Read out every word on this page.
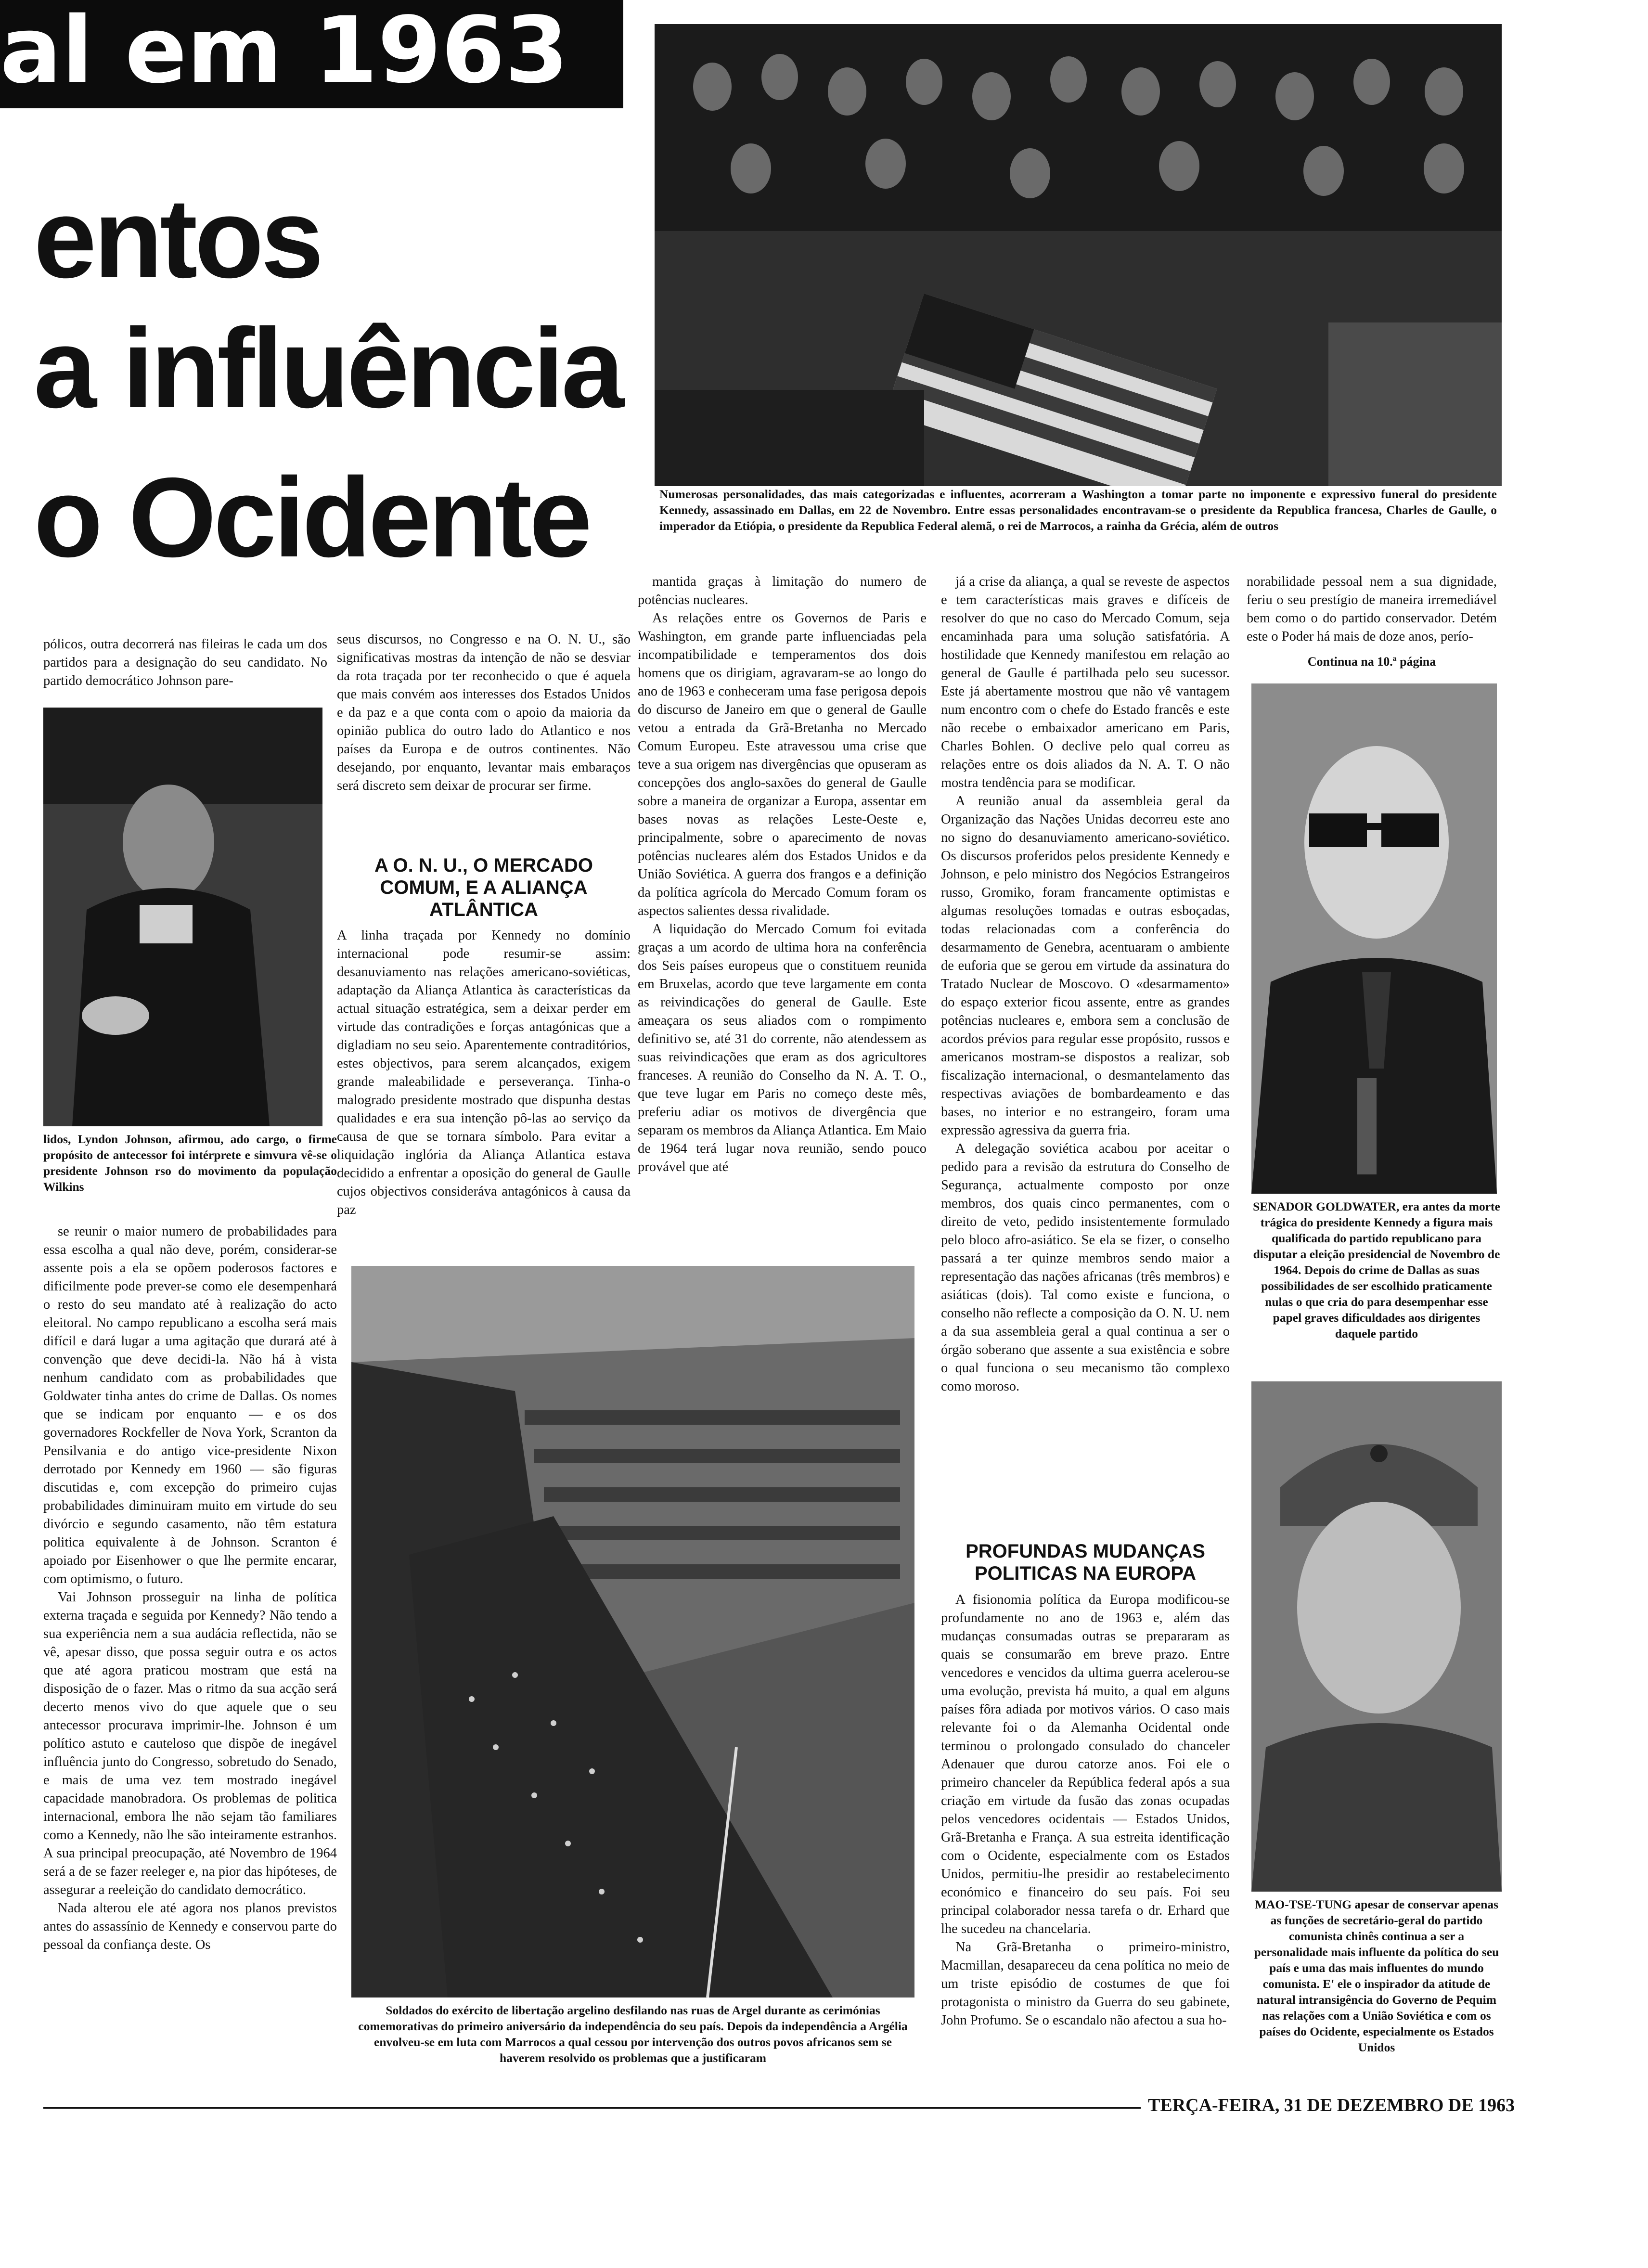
al em 1963
entos
a influência
o Ocidente	Numerosas personalidades, das mais categorizadas e influentes, acorreram a Washington a tomar parte no imponente e expressivo funeral do presidente Kennedy, assassinado em Dallas, em 22 de Novembro. Entre essas personalidades encontravam-se o presidente da Republica francesa, Charles de Gaulle, o imperador da Etiópia, o presidente da Republica Federal alemã, o rei de Marrocos, a rainha da Grécia, além de outros
pólicos, outra decorrerá nas fileiras le cada um dos partidos para a designação do seu candidato. No partido democrático Johnson pare-
lidos, Lyndon Johnson, afirmou, ado cargo, o firme propósito de antecessor foi intérprete e simvura vê-se o presidente Johnson rso do movimento da população Wilkins

se reunir o maior numero de probabilidades para essa escolha a qual não deve, porém, considerar-se assente pois a ela se opõem poderosos factores e dificilmente pode prever-se como ele desempenhará o resto do seu mandato até à realização do acto eleitoral. No campo republicano a escolha será mais difícil e dará lugar a uma agitação que durará até à convenção que deve decidi-la. Não há à vista nenhum candidato com as probabilidades que Goldwater tinha antes do crime de Dallas. Os nomes que se indicam por enquanto — e os dos governadores Rockfeller de Nova York, Scranton da Pensilvania e do antigo vice-presidente Nixon derrotado por Kennedy em 1960 — são figuras discutidas e, com excepção do primeiro cujas probabilidades diminuiram muito em virtude do seu divórcio e segundo casamento, não têm estatura politica equivalente à de Johnson. Scranton é apoiado por Eisenhower o que lhe permite encarar, com optimismo, o futuro.

Vai Johnson prosseguir na linha de política externa traçada e seguida por Kennedy? Não tendo a sua experiência nem a sua audácia reflectida, não se vê, apesar disso, que possa seguir outra e os actos que até agora praticou mostram que está na disposição de o fazer. Mas o ritmo da sua acção será decerto menos vivo do que aquele que o seu antecessor procurava imprimir-lhe. Johnson é um político astuto e cauteloso que dispõe de inegável influência junto do Congresso, sobretudo do Senado, e mais de uma vez tem mostrado inegável capacidade manobradora. Os problemas de politica internacional, embora lhe não sejam tão familiares como a Kennedy, não lhe são inteiramente estranhos. A sua principal preocupação, até Novembro de 1964 será a de se fazer reeleger e, na pior das hipóteses, de assegurar a reeleição do candidato democrático.

Nada alterou ele até agora nos planos previstos antes do assassínio de Kennedy e conservou parte do pessoal da confiança deste. Os

seus discursos, no Congresso e na O. N. U., são significativas mostras da intenção de não se desviar da rota traçada por ter reconhecido o que é aquela que mais convém aos interesses dos Estados Unidos e da paz e a que conta com o apoio da maioria da opinião publica do outro lado do Atlantico e nos países da Europa e de outros continentes. Não desejando, por enquanto, levantar mais embaraços será discreto sem deixar de procurar ser firme.
A O. N. U., O MERCADO COMUM, E A ALIANÇA ATLÂNTICA
A linha traçada por Kennedy no domínio internacional pode resumir-se assim: desanuviamento nas relações americano-soviéticas, adaptação da Aliança Atlantica às características da actual situação estratégica, sem a deixar perder em virtude das contradições e forças antagónicas que a digladiam no seu seio. Aparentemente contraditórios, estes objectivos, para serem alcançados, exigem grande maleabilidade e perseverança. Tinha-o malogrado presidente mostrado que dispunha destas qualidades e era sua intenção pô-las ao serviço da causa de que se tornara símbolo. Para evitar a liquidação inglória da Aliança Atlantica estava decidido a enfrentar a oposição do general de Gaulle cujos objectivos consideráva antagónicos à causa da paz

mantida graças à limitação do numero de potências nucleares.

As relações entre os Governos de Paris e Washington, em grande parte influenciadas pela incompatibilidade e temperamentos dos dois homens que os dirigiam, agravaram-se ao longo do ano de 1963 e conheceram uma fase perigosa depois do discurso de Janeiro em que o general de Gaulle vetou a entrada da Grã-Bretanha no Mercado Comum Europeu. Este atravessou uma crise que teve a sua origem nas divergências que opuseram as concepções dos anglo-saxões do general de Gaulle sobre a maneira de organizar a Europa, assentar em bases novas as relações Leste-Oeste e, principalmente, sobre o aparecimento de novas potências nucleares além dos Estados Unidos e da União Soviética. A guerra dos frangos e a definição da política agrícola do Mercado Comum foram os aspectos salientes dessa rivalidade.

A liquidação do Mercado Comum foi evitada graças a um acordo de ultima hora na conferência dos Seis países europeus que o constituem reunida em Bruxelas, acordo que teve largamente em conta as reivindicações do general de Gaulle. Este ameaçara os seus aliados com o rompimento definitivo se, até 31 do corrente, não atendessem as suas reivindicações que eram as dos agricultores franceses. A reunião do Conselho da N. A. T. O., que teve lugar em Paris no começo deste mês, preferiu adiar os motivos de divergência que separam os membros da Aliança Atlantica. Em Maio de 1964 terá lugar nova reunião, sendo pouco provável que até

Soldados do exército de libertação argelino desfilando nas ruas de Argel durante as cerimónias comemorativas do primeiro aniversário da independência do seu país. Depois da independência a Argélia envolveu-se em luta com Marrocos a qual cessou por intervenção dos outros povos africanos sem se haverem resolvido os problemas que a justificaram

já a crise da aliança, a qual se reveste de aspectos e tem características mais graves e difíceis de resolver do que no caso do Mercado Comum, seja encaminhada para uma solução satisfatória. A hostilidade que Kennedy manifestou em relação ao general de Gaulle é partilhada pelo seu sucessor. Este já abertamente mostrou que não vê vantagem num encontro com o chefe do Estado francês e este não recebe o embaixador americano em Paris, Charles Bohlen. O declive pelo qual correu as relações entre os dois aliados da N. A. T. O não mostra tendência para se modificar.

A reunião anual da assembleia geral da Organização das Nações Unidas decorreu este ano no signo do desanuviamento americano-soviético. Os discursos proferidos pelos presidente Kennedy e Johnson, e pelo ministro dos Negócios Estrangeiros russo, Gromiko, foram francamente optimistas e algumas resoluções tomadas e outras esboçadas, todas relacionadas com a conferência do desarmamento de Genebra, acentuaram o ambiente de euforia que se gerou em virtude da assinatura do Tratado Nuclear de Moscovo. O «desarmamento» do espaço exterior ficou assente, entre as grandes potências nucleares e, embora sem a conclusão de acordos prévios para regular esse propósito, russos e americanos mostram-se dispostos a realizar, sob fiscalização internacional, o desmantelamento das respectivas aviações de bombardeamento e das bases, no interior e no estrangeiro, foram uma expressão agressiva da guerra fria.

A delegação soviética acabou por aceitar o pedido para a revisão da estrutura do Conselho de Segurança, actualmente composto por onze membros, dos quais cinco permanentes, com o direito de veto, pedido insistentemente formulado pelo bloco afro-asiático. Se ela se fizer, o conselho passará a ter quinze membros sendo maior a representação das nações africanas (três membros) e asiáticas (dois). Tal como existe e funciona, o conselho não reflecte a composição da O. N. U. nem a da sua assembleia geral a qual continua a ser o órgão soberano que assente a sua existência e sobre o qual funciona o seu mecanismo tão complexo como moroso.

PROFUNDAS MUDANÇAS POLITICAS NA EUROPA

A fisionomia política da Europa modificou-se profundamente no ano de 1963 e, além das mudanças consumadas outras se prepararam as quais se consumarão em breve prazo. Entre vencedores e vencidos da ultima guerra acelerou-se uma evolução, prevista há muito, a qual em alguns países fôra adiada por motivos vários. O caso mais relevante foi o da Alemanha Ocidental onde terminou o prolongado consulado do chanceler Adenauer que durou catorze anos. Foi ele o primeiro chanceler da República federal após a sua criação em virtude da fusão das zonas ocupadas pelos vencedores ocidentais — Estados Unidos, Grã-Bretanha e França. A sua estreita identificação com o Ocidente, especialmente com os Estados Unidos, permitiu-lhe presidir ao restabelecimento económico e financeiro do seu país. Foi seu principal colaborador nessa tarefa o dr. Erhard que lhe sucedeu na chancelaria.

Na Grã-Bretanha o primeiro-ministro, Macmillan, desapareceu da cena política no meio de um triste episódio de costumes de que foi protagonista o ministro da Guerra do seu gabinete, John Profumo. Se o escandalo não afectou a sua ho-

norabilidade pessoal nem a sua dignidade, feriu o seu prestígio de maneira irremediável bem como o do partido conservador. Detém este o Poder há mais de doze anos, perío-
Continua na 10.ª página
SENADOR GOLDWATER, era antes da morte trágica do presidente Kennedy a figura mais qualificada do partido republicano para disputar a eleição presidencial de Novembro de 1964. Depois do crime de Dallas as suas possibilidades de ser escolhido praticamente nulas o que cria do para desempenhar esse papel graves dificuldades aos dirigentes daquele partido
MAO-TSE-TUNG apesar de conservar apenas as funções de secretário-geral do partido comunista chinês continua a ser a personalidade mais influente da política do seu país e uma das mais influentes do mundo comunista. E' ele o inspirador da atitude de natural intransigência do Governo de Pequim nas relações com a União Soviética e com os países do Ocidente, especialmente os Estados Unidos
TERÇA-FEIRA, 31 DE DEZEMBRO DE 1963
